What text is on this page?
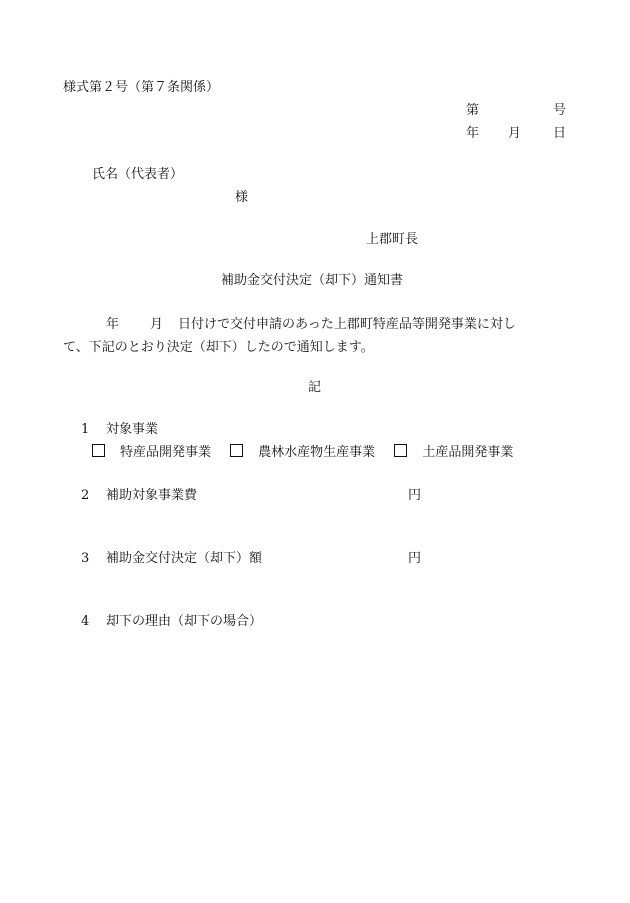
様式第２号（第７条関係）
第	号
年 月 日
氏名（代表者）
様
上郡町長
補助金交付決定（却下）通知書
年 月 日付けで交付申請のあった上郡町特産品等開発事業に対し
て、下記のとおり決定（却下）したので通知します。
記
1 対象事業
特産品開発事業	農林水産物生産事業	土産品開発事業
2 補助対象事業費	円
3 補助金交付決定（却下）額	円
4 却下の理由（却下の場合）
